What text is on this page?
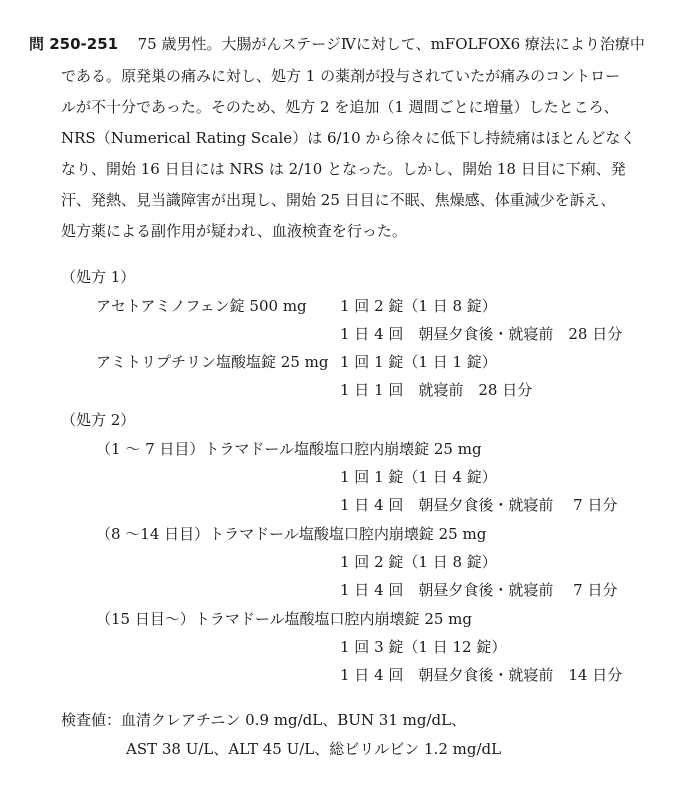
問 250-251 75 歳男性。大腸がんステージⅣに対して、mFOLFOX6 療法により治療中
である。原発巣の痛みに対し、処方 1 の薬剤が投与されていたが痛みのコントロー
ルが不十分であった。そのため、処方 2 を追加（1 週間ごとに増量）したところ、
NRS（Numerical Rating Scale）は 6/10 から徐々に低下し持続痛はほとんどなく
なり、開始 16 日目には NRS は 2/10 となった。しかし、開始 18 日目に下痢、発
汗、発熱、見当識障害が出現し、開始 25 日目に不眠、焦燥感、体重減少を訴え、
処方薬による副作用が疑われ、血液検査を行った。
（処方 1）
アセトアミノフェン錠 500 mg 1 回 2 錠（1 日 8 錠）
1 日 4 回　朝昼夕食後・就寝前　28 日分
アミトリプチリン塩酸塩錠 25 mg 1 回 1 錠（1 日 1 錠）
1 日 1 回　就寝前　28 日分
（処方 2）
（1 〜 7 日目）トラマドール塩酸塩口腔内崩壊錠 25 mg
1 回 1 錠（1 日 4 錠）
1 日 4 回　朝昼夕食後・就寝前　 7 日分
（8 〜14 日目）トラマドール塩酸塩口腔内崩壊錠 25 mg
1 回 2 錠（1 日 8 錠）
1 日 4 回　朝昼夕食後・就寝前　 7 日分
（15 日目〜）トラマドール塩酸塩口腔内崩壊錠 25 mg
1 回 3 錠（1 日 12 錠）
1 日 4 回　朝昼夕食後・就寝前　14 日分
検査値：血清クレアチニン 0.9 mg/dL、BUN 31 mg/dL、
AST 38 U/L、ALT 45 U/L、総ビリルビン 1.2 mg/dL
